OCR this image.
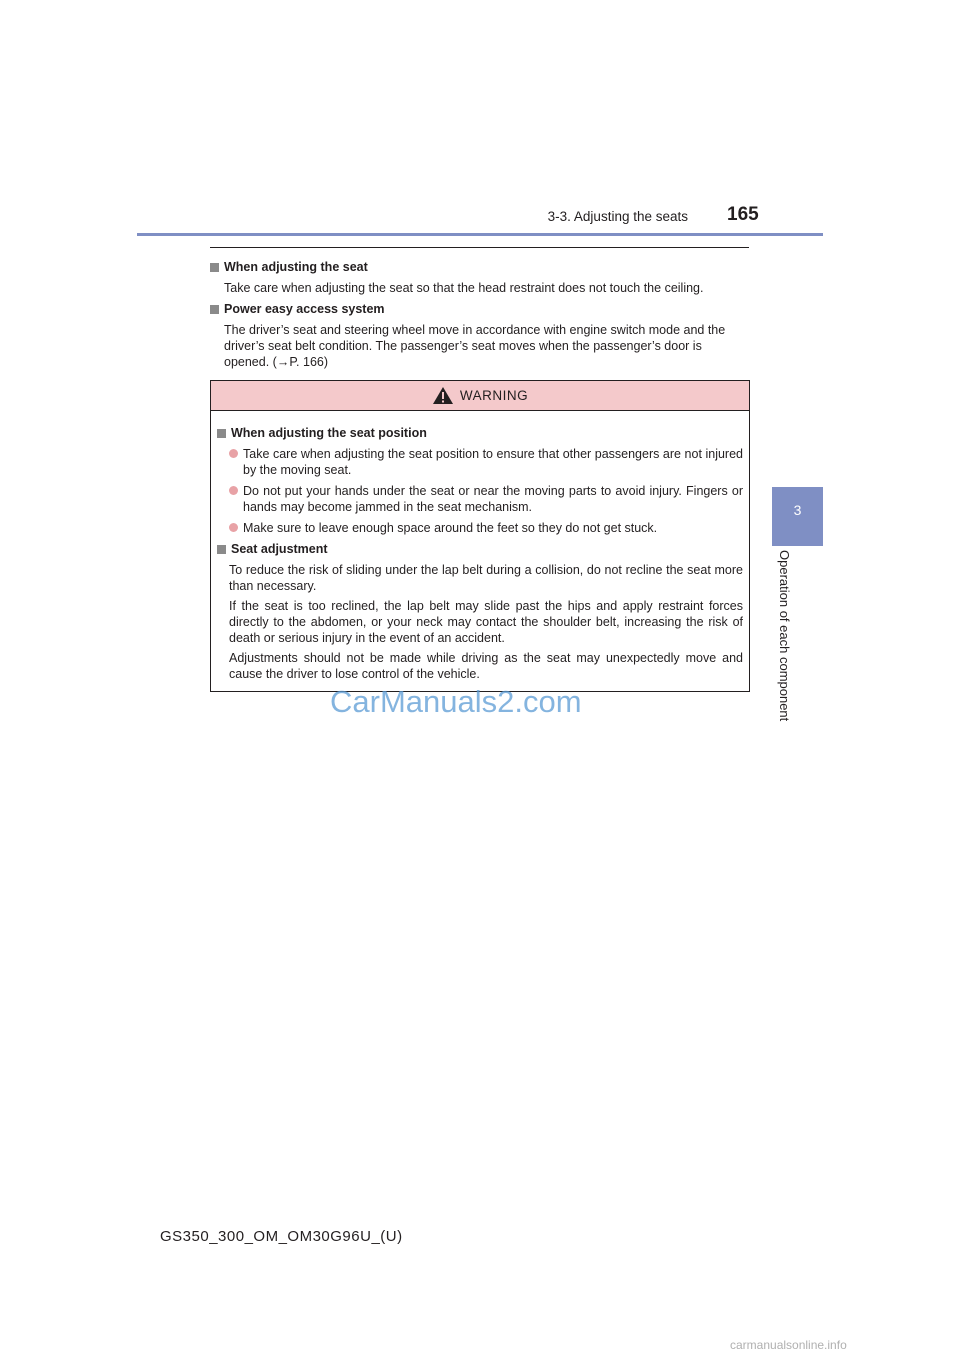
3-3. Adjusting the seats 165
3
Operation of each component
When adjusting the seat
Take care when adjusting the seat so that the head restraint does not touch the ceiling.
Power easy access system
The driver’s seat and steering wheel move in accordance with engine switch mode and the driver’s seat belt condition. The passenger’s seat moves when the passenger’s door is opened. (→P. 166)
WARNING
When adjusting the seat position
Take care when adjusting the seat position to ensure that other passengers are not injured by the moving seat.
Do not put your hands under the seat or near the moving parts to avoid injury. Fingers or hands may become jammed in the seat mechanism.
Make sure to leave enough space around the feet so they do not get stuck.
Seat adjustment
To reduce the risk of sliding under the lap belt during a collision, do not recline the seat more than necessary.
If the seat is too reclined, the lap belt may slide past the hips and apply restraint forces directly to the abdomen, or your neck may contact the shoulder belt, increasing the risk of death or serious injury in the event of an accident.
Adjustments should not be made while driving as the seat may unexpectedly move and cause the driver to lose control of the vehicle.
CarManuals2.com
GS350_300_OM_OM30G96U_(U)
carmanualsonline.info
